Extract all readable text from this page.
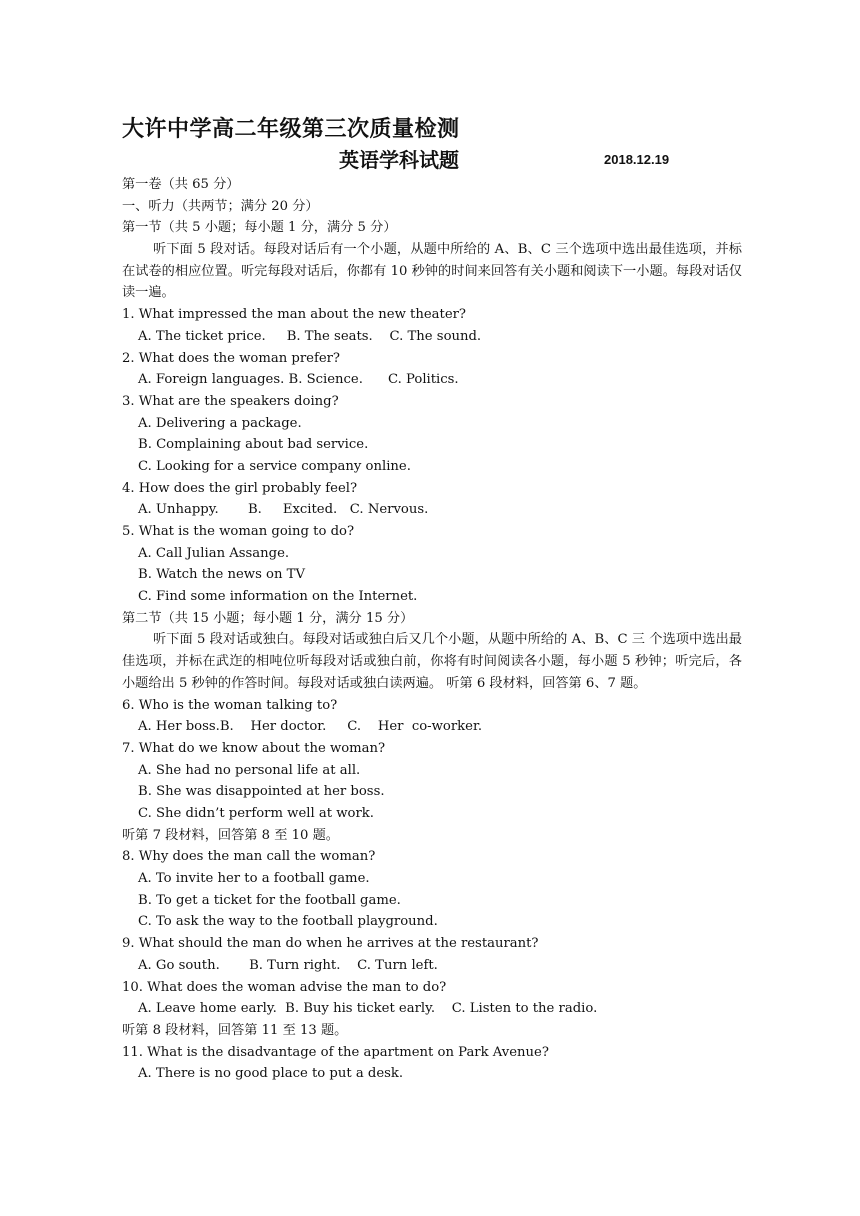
大许中学高二年级第三次质量检测
英语学科试题	2018.12.19
第一卷（共 65 分）
一、听力（共两节；满分 20 分）
第一节（共 5 小题；每小题 1 分，满分 5 分）
听下面 5 段对话。每段对话后有一个小题，从题中所给的 A、B、C 三个选项中选出最佳选项，并标在试卷的相应位置。听完每段对话后，你都有 10 秒钟的时间来回答有关小题和阅读下一小题。每段对话仅读一遍。
1. What impressed the man about the new theater?
A. The ticket price.     B. The seats.    C. The sound.
2. What does the woman prefer?
A. Foreign languages. B. Science.      C. Politics.
3. What are the speakers doing?
A. Delivering a package.
B. Complaining about bad service.
C. Looking for a service company online.
4. How does the girl probably feel?
A. Unhappy.       B.     Excited.   C. Nervous.
5. What is the woman going to do?
A. Call Julian Assange.
B. Watch the news on TV
C. Find some information on the Internet.
第二节（共 15 小题；每小题 1 分，满分 15 分）
听下面 5 段对话或独白。每段对话或独白后又几个小题，从题中所给的 A、B、C 三 个选项中选出最佳选项，并标在武迮的相吨位听每段对话或独白前，你将有时间阅读各小题，每小题 5 秒钟；听完后，各小题给出 5 秒钟的作答时间。每段对话或独白读两遍。 听第 6 段材料，回答第 6、7 题。
6. Who is the woman talking to?
A. Her boss.B.    Her doctor.     C.    Her  co-worker.
7. What do we know about the woman?
A. She had no personal life at all.
B. She was disappointed at her boss.
C. She didn’t perform well at work.
听第 7 段材料，回答第 8 至 10 题。
8. Why does the man call the woman?
A. To invite her to a football game.
B. To get a ticket for the football game.
C. To ask the way to the football playground.
9. What should the man do when he arrives at the restaurant?
A. Go south.       B. Turn right.    C. Turn left.
10. What does the woman advise the man to do?
A. Leave home early.  B. Buy his ticket early.    C. Listen to the radio.
听第 8 段材料，回答第 11 至 13 题。
11. What is the disadvantage of the apartment on Park Avenue?
A. There is no good place to put a desk.
